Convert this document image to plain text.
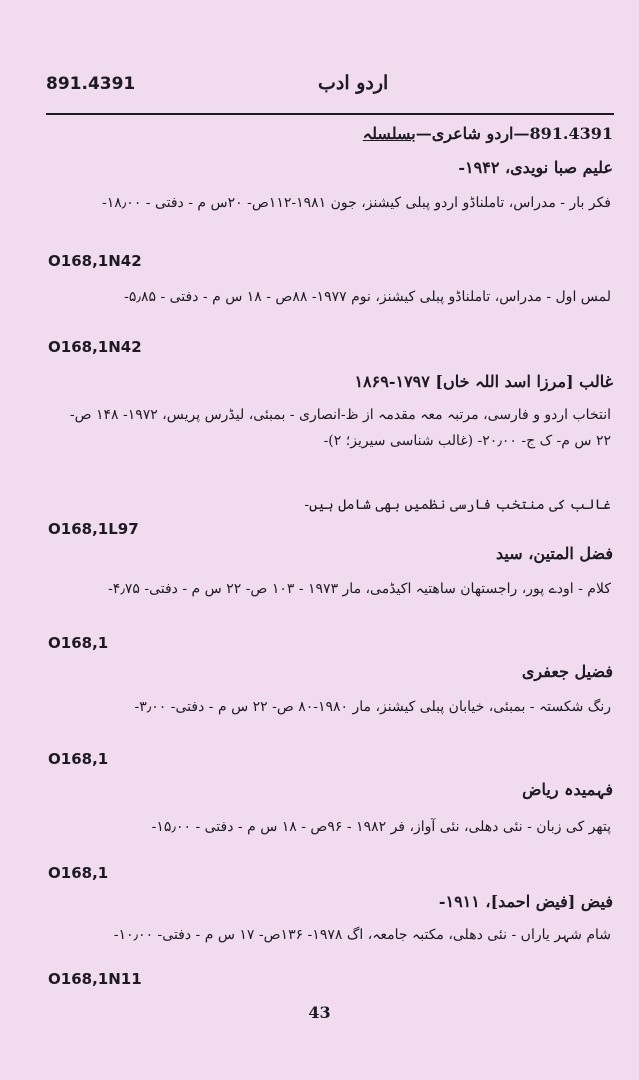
891.4391	اردو ادب
891.4391—اردو شاعری—بسلسلہ
علیم صبا نویدی، ۱۹۴۲-
فکر بار - مدراس، تاملناڈو اردو پبلی کیشنز، جون ۱۹۸۱-۱۱۲ص- ۲۰س م - دفتی - ۱۸٫۰۰-
O168,1N42
لمس اول - مدراس، تاملناڈو پبلی کیشنز، نوم ۱۹۷۷- ۸۸ص - ۱۸ س م - دفتی - ۵٫۸۵-
O168,1N42
غالب [مرزا اسد اللہ خاں] ۱۷۹۷-۱۸۶۹
انتخاب اردو و فارسی، مرتبہ معہ مقدمہ از ظ-انصاری - بمبئی، لیڈرس پریس، ۱۹۷۲- ۱۴۸ ص- ۲۲ س م- ک ج- ۲۰٫۰۰- (غالب شناسی سیریز؛ ۲)-
غالب کی منتخب فارسی نظمیں بھی شامل ہیں-
O168,1L97
فضل المتین، سید
کلام - اودے پور، راجستھان ساھتیہ اکیڈمی، مار ۱۹۷۳ - ۱۰۳ ص- ۲۲ س م - دفتی- ۴٫۷۵-
O168,1
فضیل جعفری
رنگ شکستہ - بمبئی، خیابان پبلی کیشنز، مار ۱۹۸۰-۸۰ ص- ۲۲ س م - دفتی- ۳٫۰۰-
O168,1
فہمیدہ ریاض
پتھر کی زبان - نئی دھلی، نئی آواز، فر ۱۹۸۲ - ۹۶ص - ۱۸ س م - دفتی - ۱۵٫۰۰-
O168,1
فیض [فیض احمد]، ۱۹۱۱-
شام شہر یاراں - نئی دھلی، مکتبہ جامعہ، اگ ۱۹۷۸- ۱۳۶ص- ۱۷ س م - دفتی- ۱۰٫۰۰-
O168,1N11
43
